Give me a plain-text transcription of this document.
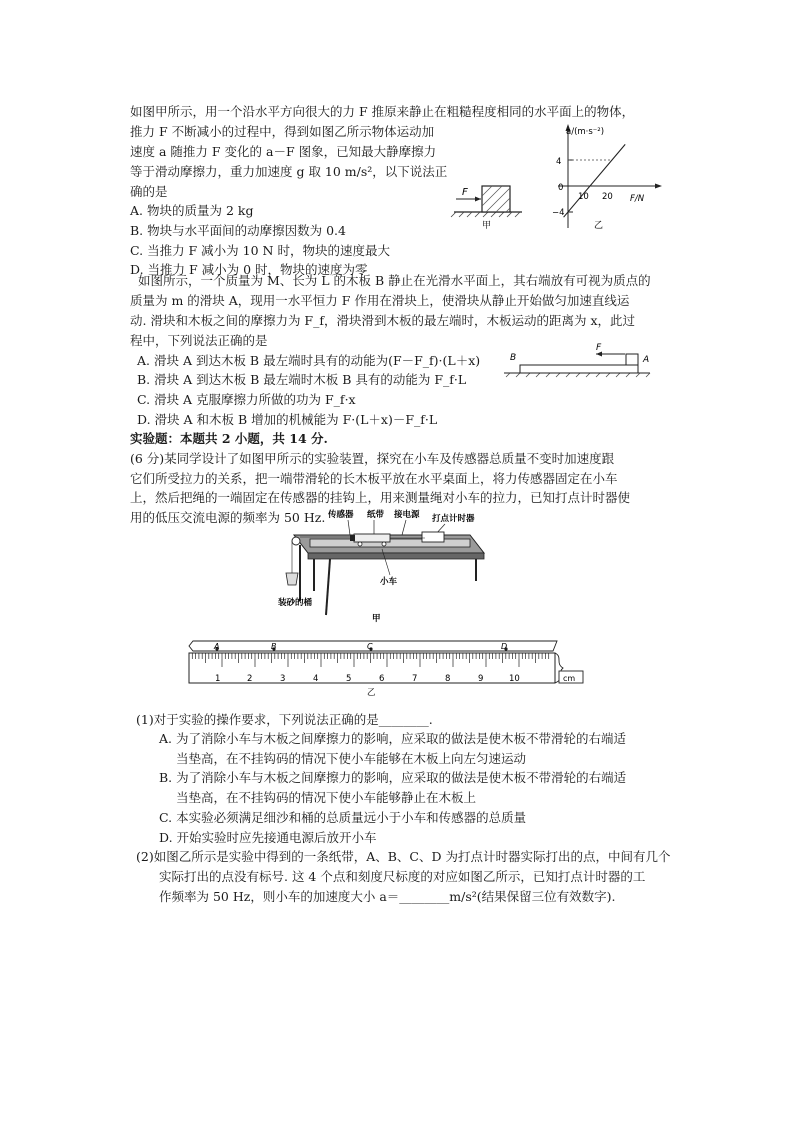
如图甲所示，用一个沿水平方向很大的力 F 推原来静止在粗糙程度相同的水平面上的物体，
推力 F 不断减小的过程中，得到如图乙所示物体运动加
速度 a 随推力 F 变化的 a－F 图象，已知最大静摩擦力
等于滑动摩擦力，重力加速度 g 取 10 m/s²，以下说法正
确的是
A. 物块的质量为 2 kg
B. 物块与水平面间的动摩擦因数为 0.4
C. 当推力 F 减小为 10 N 时，物块的速度最大
D. 当推力 F 减小为 0 时，物块的速度为零
F
甲
a/(m·s⁻²)
F/N
4
−4
0
10 20
乙
如图所示，一个质量为 M、长为 L 的木板 B 静止在光滑水平面上，其右端放有可视为质点的
质量为 m 的滑块 A，现用一水平恒力 F 作用在滑块上，使滑块从静止开始做匀加速直线运
动. 滑块和木板之间的摩擦力为 F_f，滑块滑到木板的最左端时，木板运动的距离为 x，此过
程中，下列说法正确的是
A. 滑块 A 到达木板 B 最左端时具有的动能为(F－F_f)·(L＋x)
B. 滑块 A 到达木板 B 最左端时木板 B 具有的动能为 F_f·L
C. 滑块 A 克服摩擦力所做的功为 F_f·x
D. 滑块 A 和木板 B 增加的机械能为 F·(L＋x)－F_f·L
B	A
F
实验题：本题共 2 小题，共 14 分.
(6 分)某同学设计了如图甲所示的实验装置，探究在小车及传感器总质量不变时加速度跟
它们所受拉力的关系，把一端带滑轮的长木板平放在水平桌面上，将力传感器固定在小车
上，然后把绳的一端固定在传感器的挂钩上，用来测量绳对小车的拉力，已知打点计时器使
用的低压交流电源的频率为 50 Hz. 传感器 纸带 接电源 打点计时器
小车
装砂的桶
甲
A	B	C	D
cm
1	2	3	4	5	6	7	8	9	10
乙
(1)对于实验的操作要求，下列说法正确的是________.
A. 为了消除小车与木板之间摩擦力的影响，应采取的做法是使木板不带滑轮的右端适
当垫高，在不挂钩码的情况下使小车能够在木板上向左匀速运动
B. 为了消除小车与木板之间摩擦力的影响，应采取的做法是使木板不带滑轮的右端适
当垫高，在不挂钩码的情况下使小车能够静止在木板上
C. 本实验必须满足细沙和桶的总质量远小于小车和传感器的总质量
D. 开始实验时应先接通电源后放开小车
(2)如图乙所示是实验中得到的一条纸带，A、B、C、D 为打点计时器实际打出的点，中间有几个
实际打出的点没有标号. 这 4 个点和刻度尺标度的对应如图乙所示，已知打点计时器的工
作频率为 50 Hz，则小车的加速度大小 a＝________m/s²(结果保留三位有效数字).
